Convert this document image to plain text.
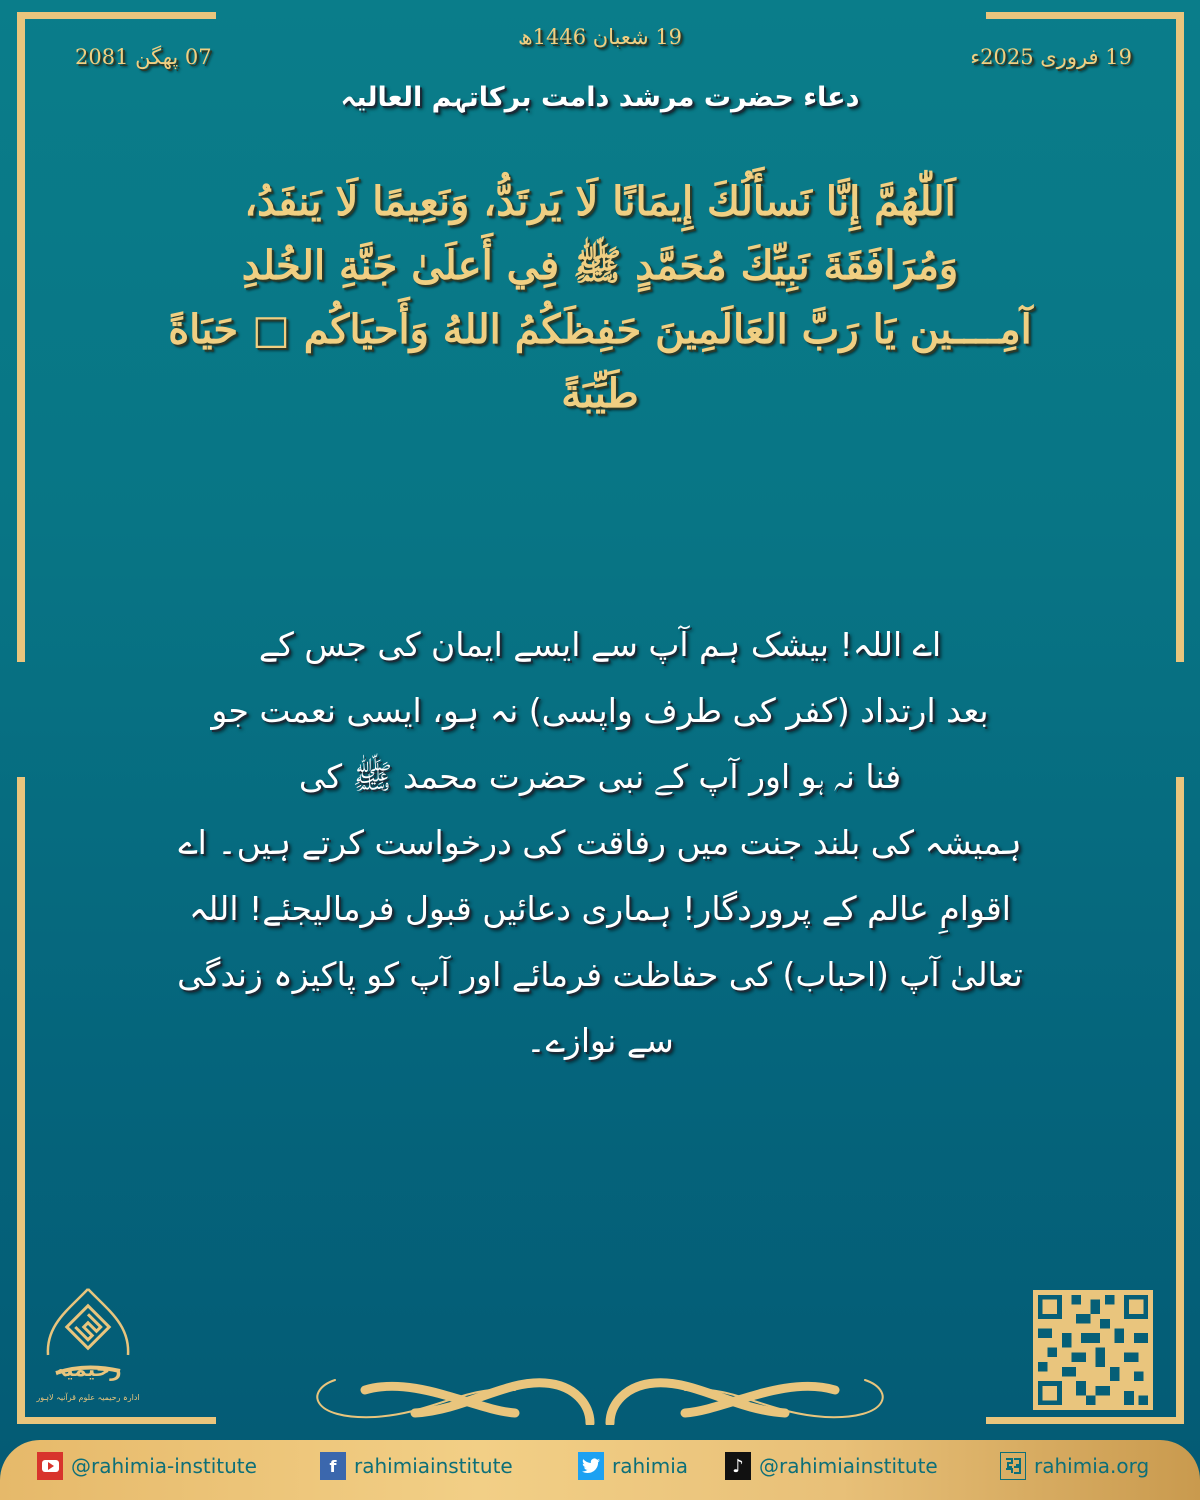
07 پھگن 2081
19 شعبان 1446ھ
19 فروری 2025ء
دعاء حضرت مرشد دامت برکاتہم العالیہ
اَللّٰهُمَّ إِنَّا نَسأَلُكَ إِيمَانًا لَا يَرتَدُّ، وَنَعِيمًا لَا يَنفَدُ،
وَمُرَافَقَةَ نَبِيِّكَ مُحَمَّدٍ ﷺ فِي أَعلَىٰ جَنَّةِ الخُلدِ
آمِــــين يَا رَبَّ العَالَمِينَ حَفِظَكُمُ اللهُ وَأَحيَاكُم □ حَيَاةً
طَيِّبَةً
اے اللہ! بیشک ہم آپ سے ایسے ایمان کی جس کے
بعد ارتداد (کفر کی طرف واپسی) نہ ہو، ایسی نعمت جو
فنا نہ ہو اور آپ کے نبی حضرت محمد ﷺ کی
ہمیشہ کی بلند جنت میں رفاقت کی درخواست کرتے ہیں۔ اے
اقوامِ عالم کے پروردگار! ہماری دعائیں قبول فرمالیجئے! اللہ
تعالیٰ آپ (احباب) کی حفاظت فرمائے اور آپ کو پاکیزہ زندگی
سے نوازے۔
رحیمیہ
ادارہ رحیمیہ علوم قرآنیہ لاہور
@rahimia-institute	f rahimiainstitute	rahimia	♪ @rahimiainstitute	rahimia.org
